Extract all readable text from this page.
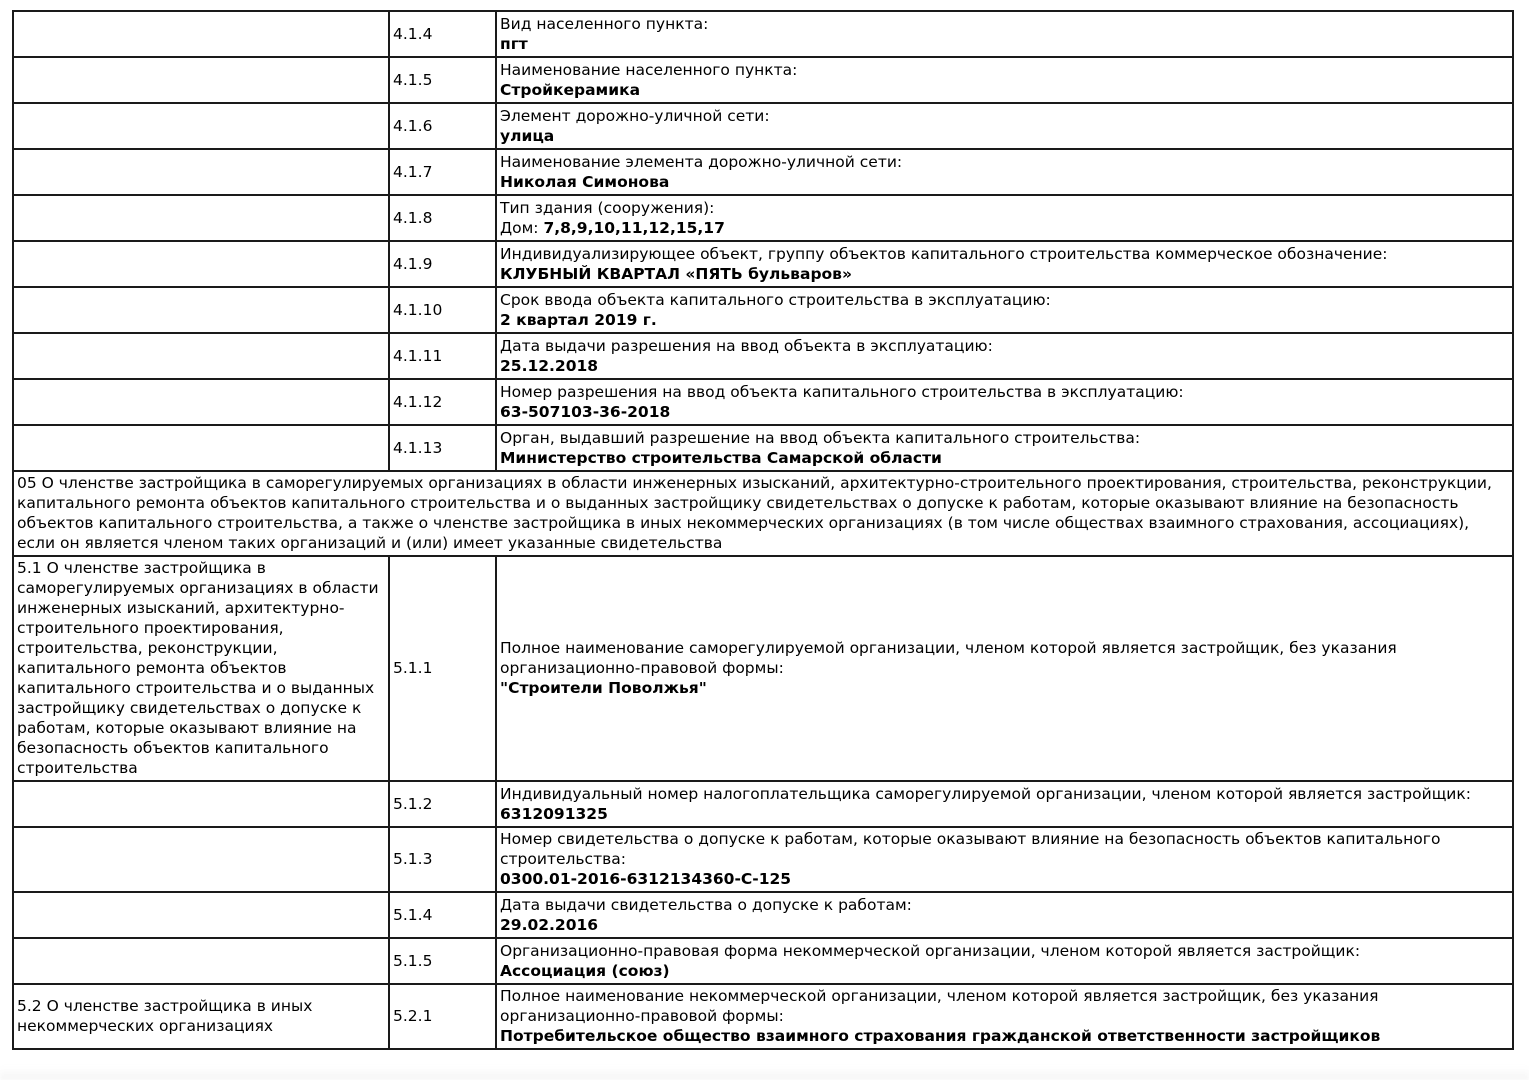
	4.1.4	Вид населенного пункта:
пгт

	4.1.5	Наименование населенного пункта:
Стройкерамика

	4.1.6	Элемент дорожно-уличной сети:
улица

	4.1.7	Наименование элемента дорожно-уличной сети:
Николая Симонова

	4.1.8	Тип здания (сооружения):
Дом: 7,8,9,10,11,12,15,17

	4.1.9	Индивидуализирующее объект, группу объектов капитального строительства коммерческое обозначение:
КЛУБНЫЙ КВАРТАЛ «ПЯТЬ бульваров»

	4.1.10	Срок ввода объекта капитального строительства в эксплуатацию:
2 квартал 2019 г.

	4.1.11	Дата выдачи разрешения на ввод объекта в эксплуатацию:
25.12.2018

	4.1.12	Номер разрешения на ввод объекта капитального строительства в эксплуатацию:
63-507103-36-2018

	4.1.13	Орган, выдавший разрешение на ввод объекта капитального строительства:
Министерство строительства Самарской области

05 О членстве застройщика в саморегулируемых организациях в области инженерных изысканий, архитектурно-строительного проектирования, строительства, реконструкции, капитального ремонта объектов капитального строительства и о выданных застройщику свидетельствах о допуске к работам, которые оказывают влияние на безопасность объектов капитального строительства, а также о членстве застройщика в иных некоммерческих организациях (в том числе обществах взаимного страхования, ассоциациях), если он является членом таких организаций и (или) имеет указанные свидетельства		
5.1 О членстве застройщика в саморегулируемых организациях в области инженерных изысканий, архитектурно-строительного проектирования, строительства, реконструкции, капитального ремонта объектов капитального строительства и о выданных застройщику свидетельствах о допуске к работам, которые оказывают влияние на безопасность объектов капитального строительства	5.1.1	Полное наименование саморегулируемой организации, членом которой является застройщик, без указания организационно-правовой формы:
"Строители Поволжья"

	5.1.2	Индивидуальный номер налогоплательщика саморегулируемой организации, членом которой является застройщик:
6312091325

	5.1.3	Номер свидетельства о допуске к работам, которые оказывают влияние на безопасность объектов капитального строительства:
0300.01-2016-6312134360-С-125

	5.1.4	Дата выдачи свидетельства о допуске к работам:
29.02.2016

	5.1.5	Организационно-правовая форма некоммерческой организации, членом которой является застройщик:
Ассоциация (союз)

5.2 О членстве застройщика в иных некоммерческих организациях	5.2.1	Полное наименование некоммерческой организации, членом которой является застройщик, без указания организационно-правовой формы:
Потребительское общество взаимного страхования гражданской ответственности застройщиков
